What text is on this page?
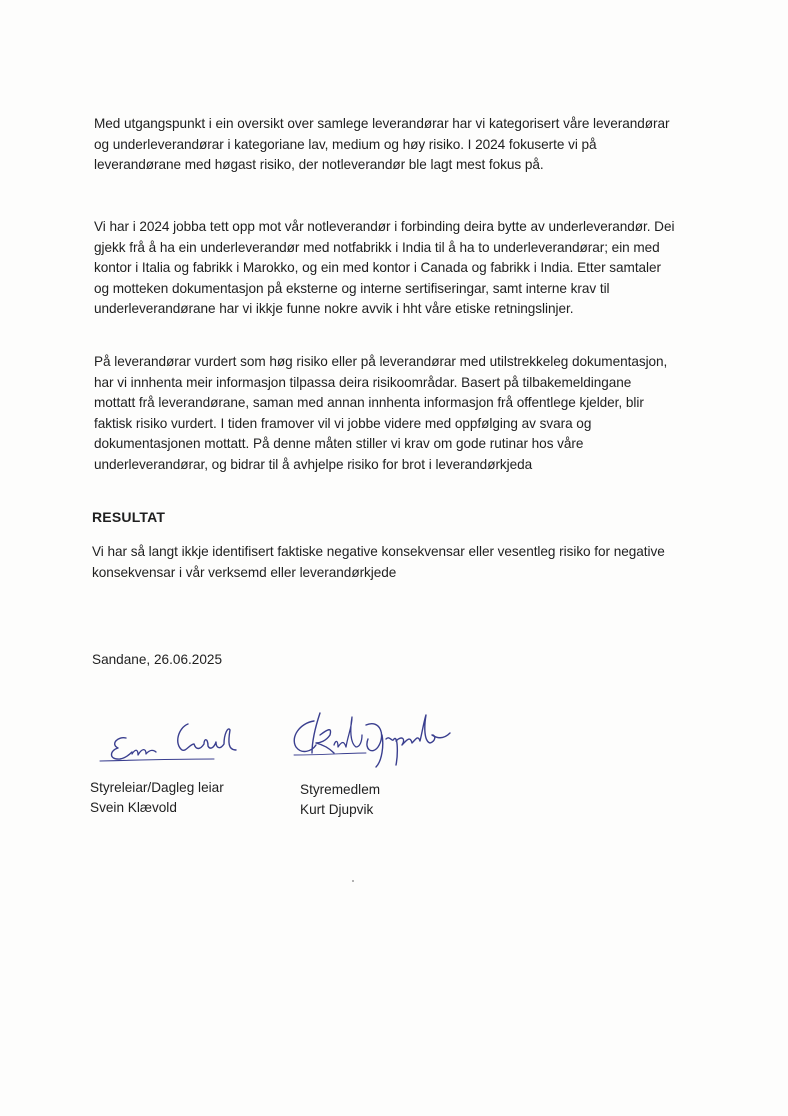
Med utgangspunkt i ein oversikt over samlege leverandørar har vi kategorisert våre leverandørar
og underleverandørar i kategoriane lav, medium og høy risiko. I 2024 fokuserte vi på
leverandørane med høgast risiko, der notleverandør ble lagt mest fokus på.

Vi har i 2024 jobba tett opp mot vår notleverandør i forbinding deira bytte av underleverandør. Dei
gjekk frå å ha ein underleverandør med notfabrikk i India til å ha to underleverandørar; ein med
kontor i Italia og fabrikk i Marokko, og ein med kontor i Canada og fabrikk i India. Etter samtaler
og motteken dokumentasjon på eksterne og interne sertifiseringar, samt interne krav til
underleverandørane har vi ikkje funne nokre avvik i hht våre etiske retningslinjer.

På leverandørar vurdert som høg risiko eller på leverandørar med utilstrekkeleg dokumentasjon,
har vi innhenta meir informasjon tilpassa deira risikoområdar. Basert på tilbakemeldingane
mottatt frå leverandørane, saman med annan innhenta informasjon frå offentlege kjelder, blir
faktisk risiko vurdert. I tiden framover vil vi jobbe videre med oppfølging av svara og
dokumentasjonen mottatt. På denne måten stiller vi krav om gode rutinar hos våre
underleverandørar, og bidrar til å avhjelpe risiko for brot i leverandørkjeda

RESULTAT

Vi har så langt ikkje identifisert faktiske negative konsekvensar eller vesentleg risiko for negative
konsekvensar i vår verksemd eller leverandørkjede

Sandane, 26.06.2025

Styreleiar/Dagleg leiar
Svein Klævold
Styremedlem
Kurt Djupvik
